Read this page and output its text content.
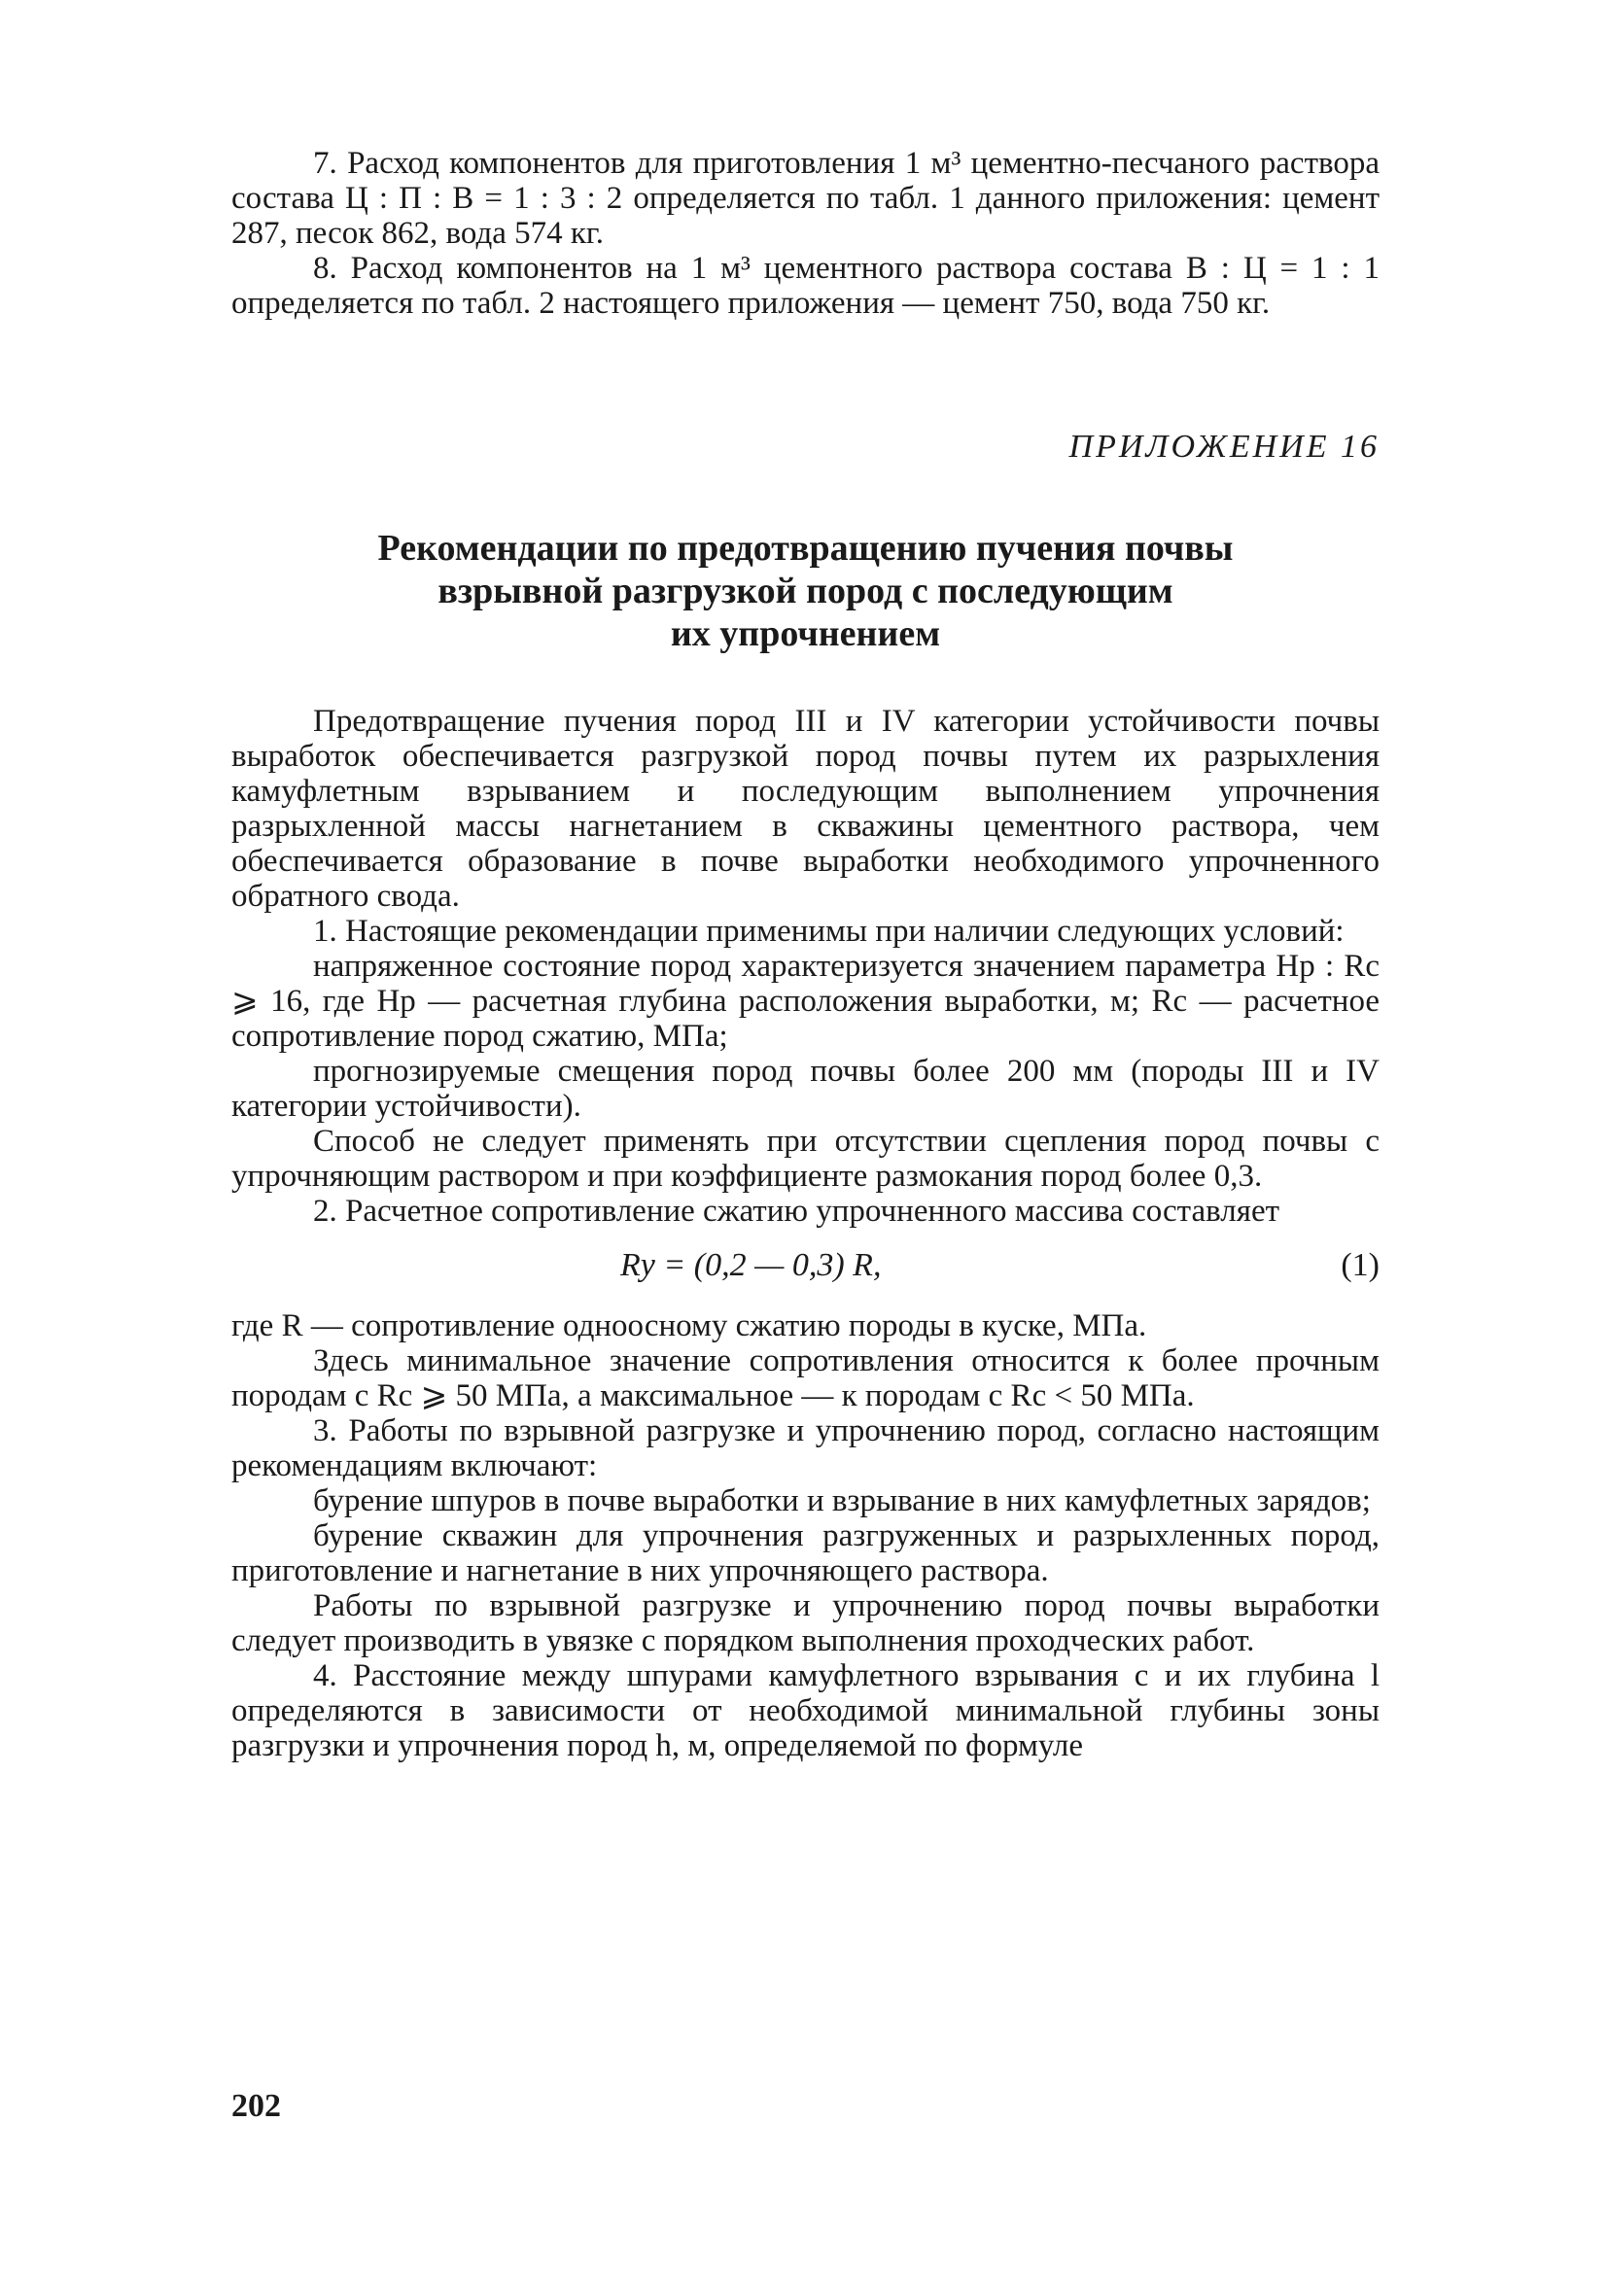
7. Расход компонентов для приготовления 1 м³ цементно-песчаного раствора состава Ц : П : В = 1 : 3 : 2 определяется по табл. 1 данного приложения: цемент 287, песок 862, вода 574 кг.

8. Расход компонентов на 1 м³ цементного раствора состава В : Ц = 1 : 1 определяется по табл. 2 настоящего приложения — цемент 750, вода 750 кг.

ПРИЛОЖЕНИЕ 16
Рекомендации по предотвращению пучения почвы
взрывной разгрузкой пород с последующим
их упрочнением

Предотвращение пучения пород III и IV категории устойчивости почвы выработок обеспечивается разгрузкой пород почвы путем их разрыхления камуфлетным взрыванием и последующим выполнением упрочнения разрыхленной массы нагнетанием в скважины цементного раствора, чем обеспечивается образование в почве выработки необходимого упрочненного обратного свода.

1. Настоящие рекомендации применимы при наличии следующих условий:

напряженное состояние пород характеризуется значением параметра Hp : Rc ⩾ 16, где Hp — расчетная глубина расположения выработки, м; Rc — расчетное сопротивление пород сжатию, МПа;

прогнозируемые смещения пород почвы более 200 мм (породы III и IV категории устойчивости).

Способ не следует применять при отсутствии сцепления пород почвы с упрочняющим раствором и при коэффициенте размокания пород более 0,3.

2. Расчетное сопротивление сжатию упрочненного массива составляет

Rу = (0,2 — 0,3) R,	(1)

где R — сопротивление одноосному сжатию породы в куске, МПа.

Здесь минимальное значение сопротивления относится к более прочным породам с Rc ⩾ 50 МПа, а максимальное — к породам с Rc < 50 МПа.

3. Работы по взрывной разгрузке и упрочнению пород, согласно настоящим рекомендациям включают:

бурение шпуров в почве выработки и взрывание в них камуфлетных зарядов;

бурение скважин для упрочнения разгруженных и разрыхленных пород, приготовление и нагнетание в них упрочняющего раствора.

Работы по взрывной разгрузке и упрочнению пород почвы выработки следует производить в увязке с порядком выполнения проходческих работ.

4. Расстояние между шпурами камуфлетного взрывания c и их глубина l определяются в зависимости от необходимой минимальной глубины зоны разгрузки и упрочнения пород h, м, определяемой по формуле

202
